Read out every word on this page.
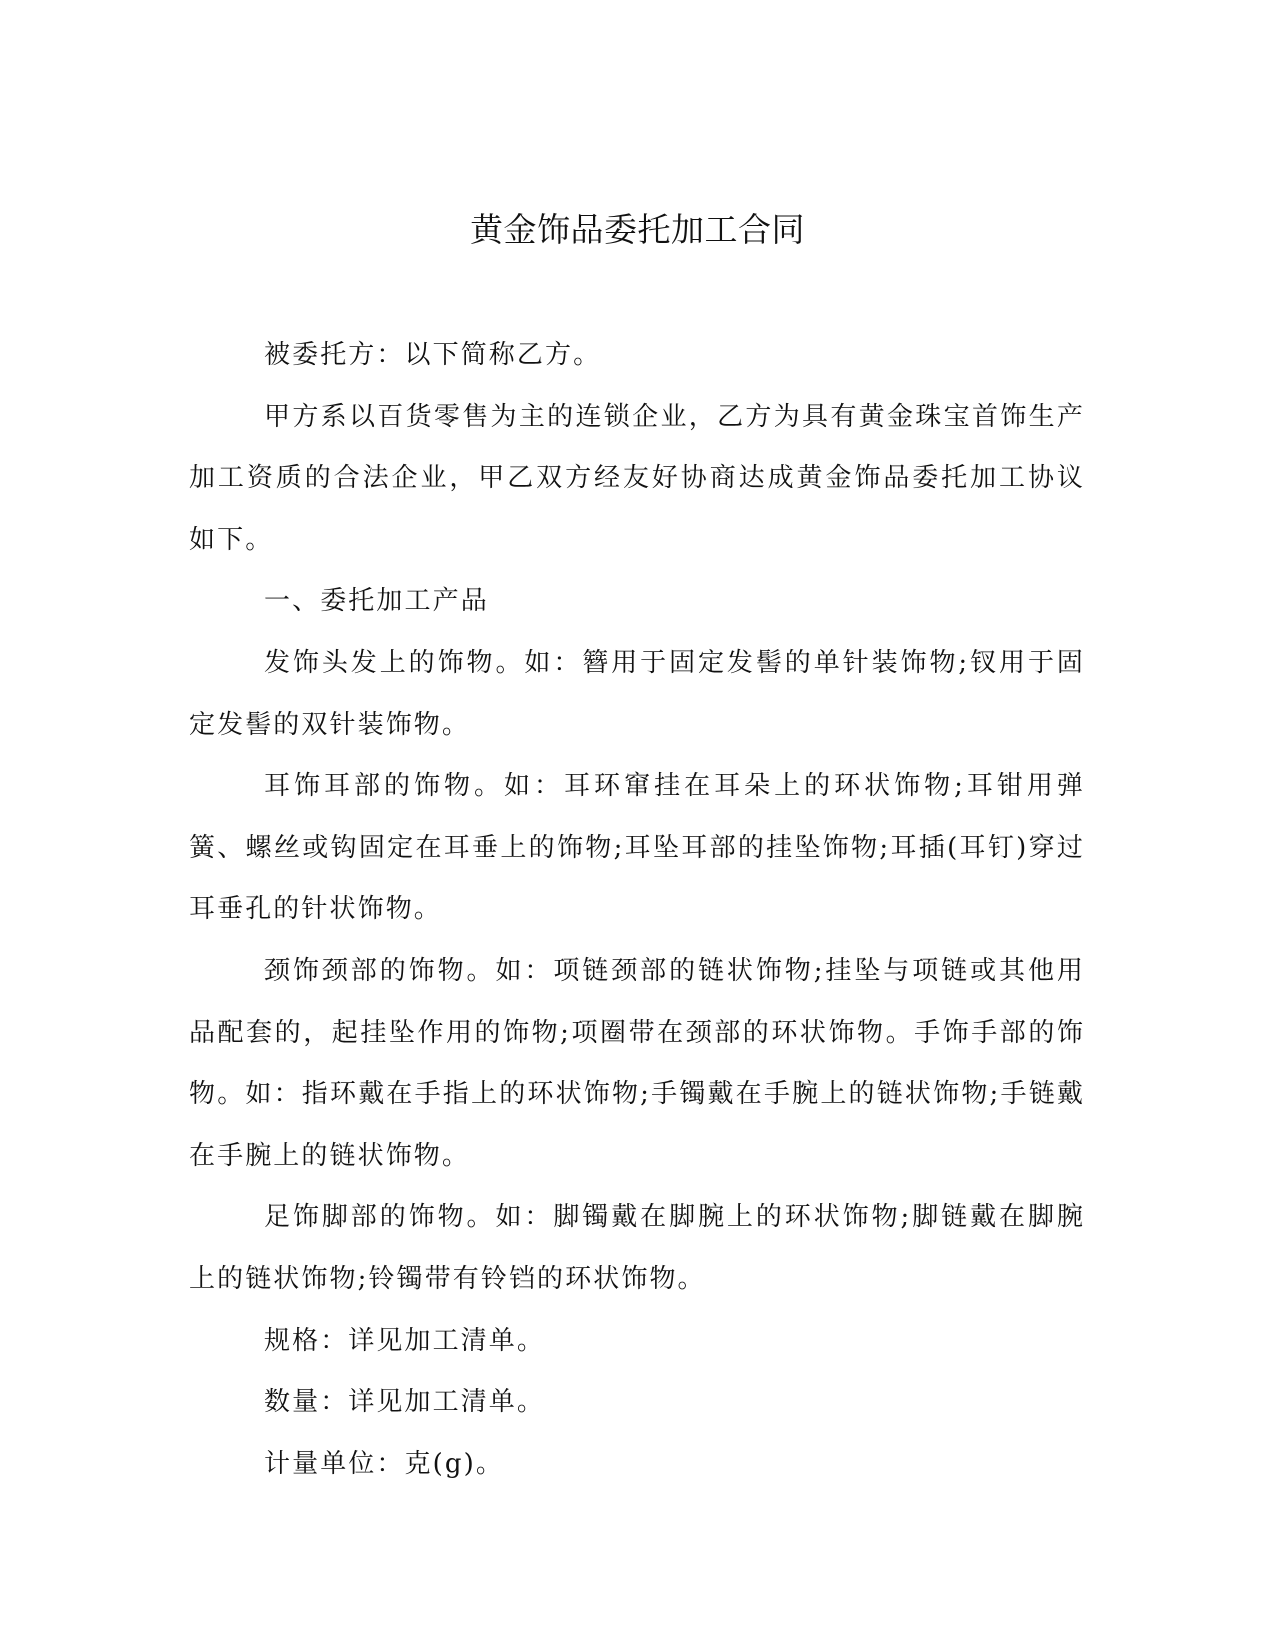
黄金饰品委托加工合同

被委托方：以下简称乙方。

甲方系以百货零售为主的连锁企业，乙方为具有黄金珠宝首饰生产加工资质的合法企业，甲乙双方经友好协商达成黄金饰品委托加工协议如下。

一、委托加工产品

发饰头发上的饰物。如：簪用于固定发髻的单针装饰物;钗用于固定发髻的双针装饰物。

耳饰耳部的饰物。如：耳环窜挂在耳朵上的环状饰物;耳钳用弹簧、螺丝或钩固定在耳垂上的饰物;耳坠耳部的挂坠饰物;耳插(耳钉)穿过耳垂孔的针状饰物。

颈饰颈部的饰物。如：项链颈部的链状饰物;挂坠与项链或其他用品配套的，起挂坠作用的饰物;项圈带在颈部的环状饰物。手饰手部的饰物。如：指环戴在手指上的环状饰物;手镯戴在手腕上的链状饰物;手链戴在手腕上的链状饰物。

足饰脚部的饰物。如：脚镯戴在脚腕上的环状饰物;脚链戴在脚腕上的链状饰物;铃镯带有铃铛的环状饰物。

规格：详见加工清单。

数量：详见加工清单。

计量单位：克(g)。
